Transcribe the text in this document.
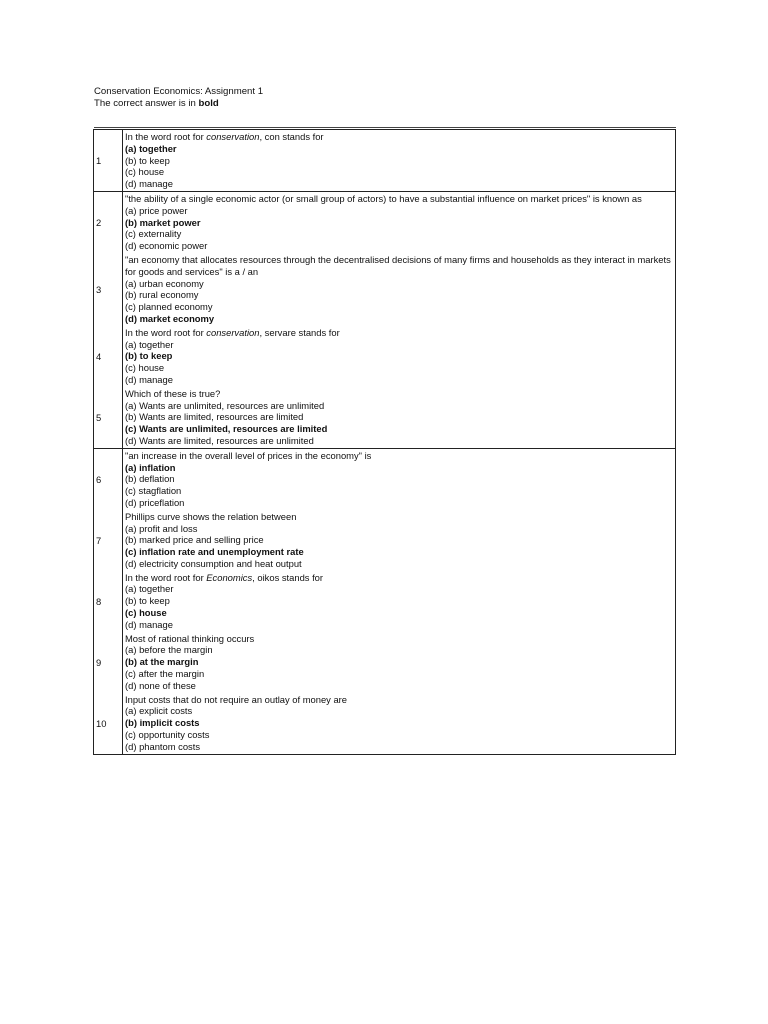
Conservation Economics: Assignment 1
The correct answer is in bold
1	In the word root for conservation, con stands for
(a) together
(b) to keep
(c) house
(d) manage

2	"the ability of a single economic actor (or small group of actors) to have a substantial influence on market prices" is known as
(a) price power
(b) market power
(c) externality
(d) economic power

3	"an economy that allocates resources through the decentralised decisions of many firms and households as they interact in markets for goods and services" is a / an
(a) urban economy
(b) rural economy
(c) planned economy
(d) market economy

4	In the word root for conservation, servare stands for
(a) together
(b) to keep
(c) house
(d) manage

5	Which of these is true?
(a) Wants are unlimited, resources are unlimited
(b) Wants are limited, resources are limited
(c) Wants are unlimited, resources are limited
(d) Wants are limited, resources are unlimited

6	"an increase in the overall level of prices in the economy" is
(a) inflation
(b) deflation
(c) stagflation
(d) priceflation

7	Phillips curve shows the relation between
(a) profit and loss
(b) marked price and selling price
(c) inflation rate and unemployment rate
(d) electricity consumption and heat output

8	In the word root for Economics, oikos stands for
(a) together
(b) to keep
(c) house
(d) manage

9	Most of rational thinking occurs
(a) before the margin
(b) at the margin
(c) after the margin
(d) none of these

10	Input costs that do not require an outlay of money are
(a) explicit costs
(b) implicit costs
(c) opportunity costs
(d) phantom costs
